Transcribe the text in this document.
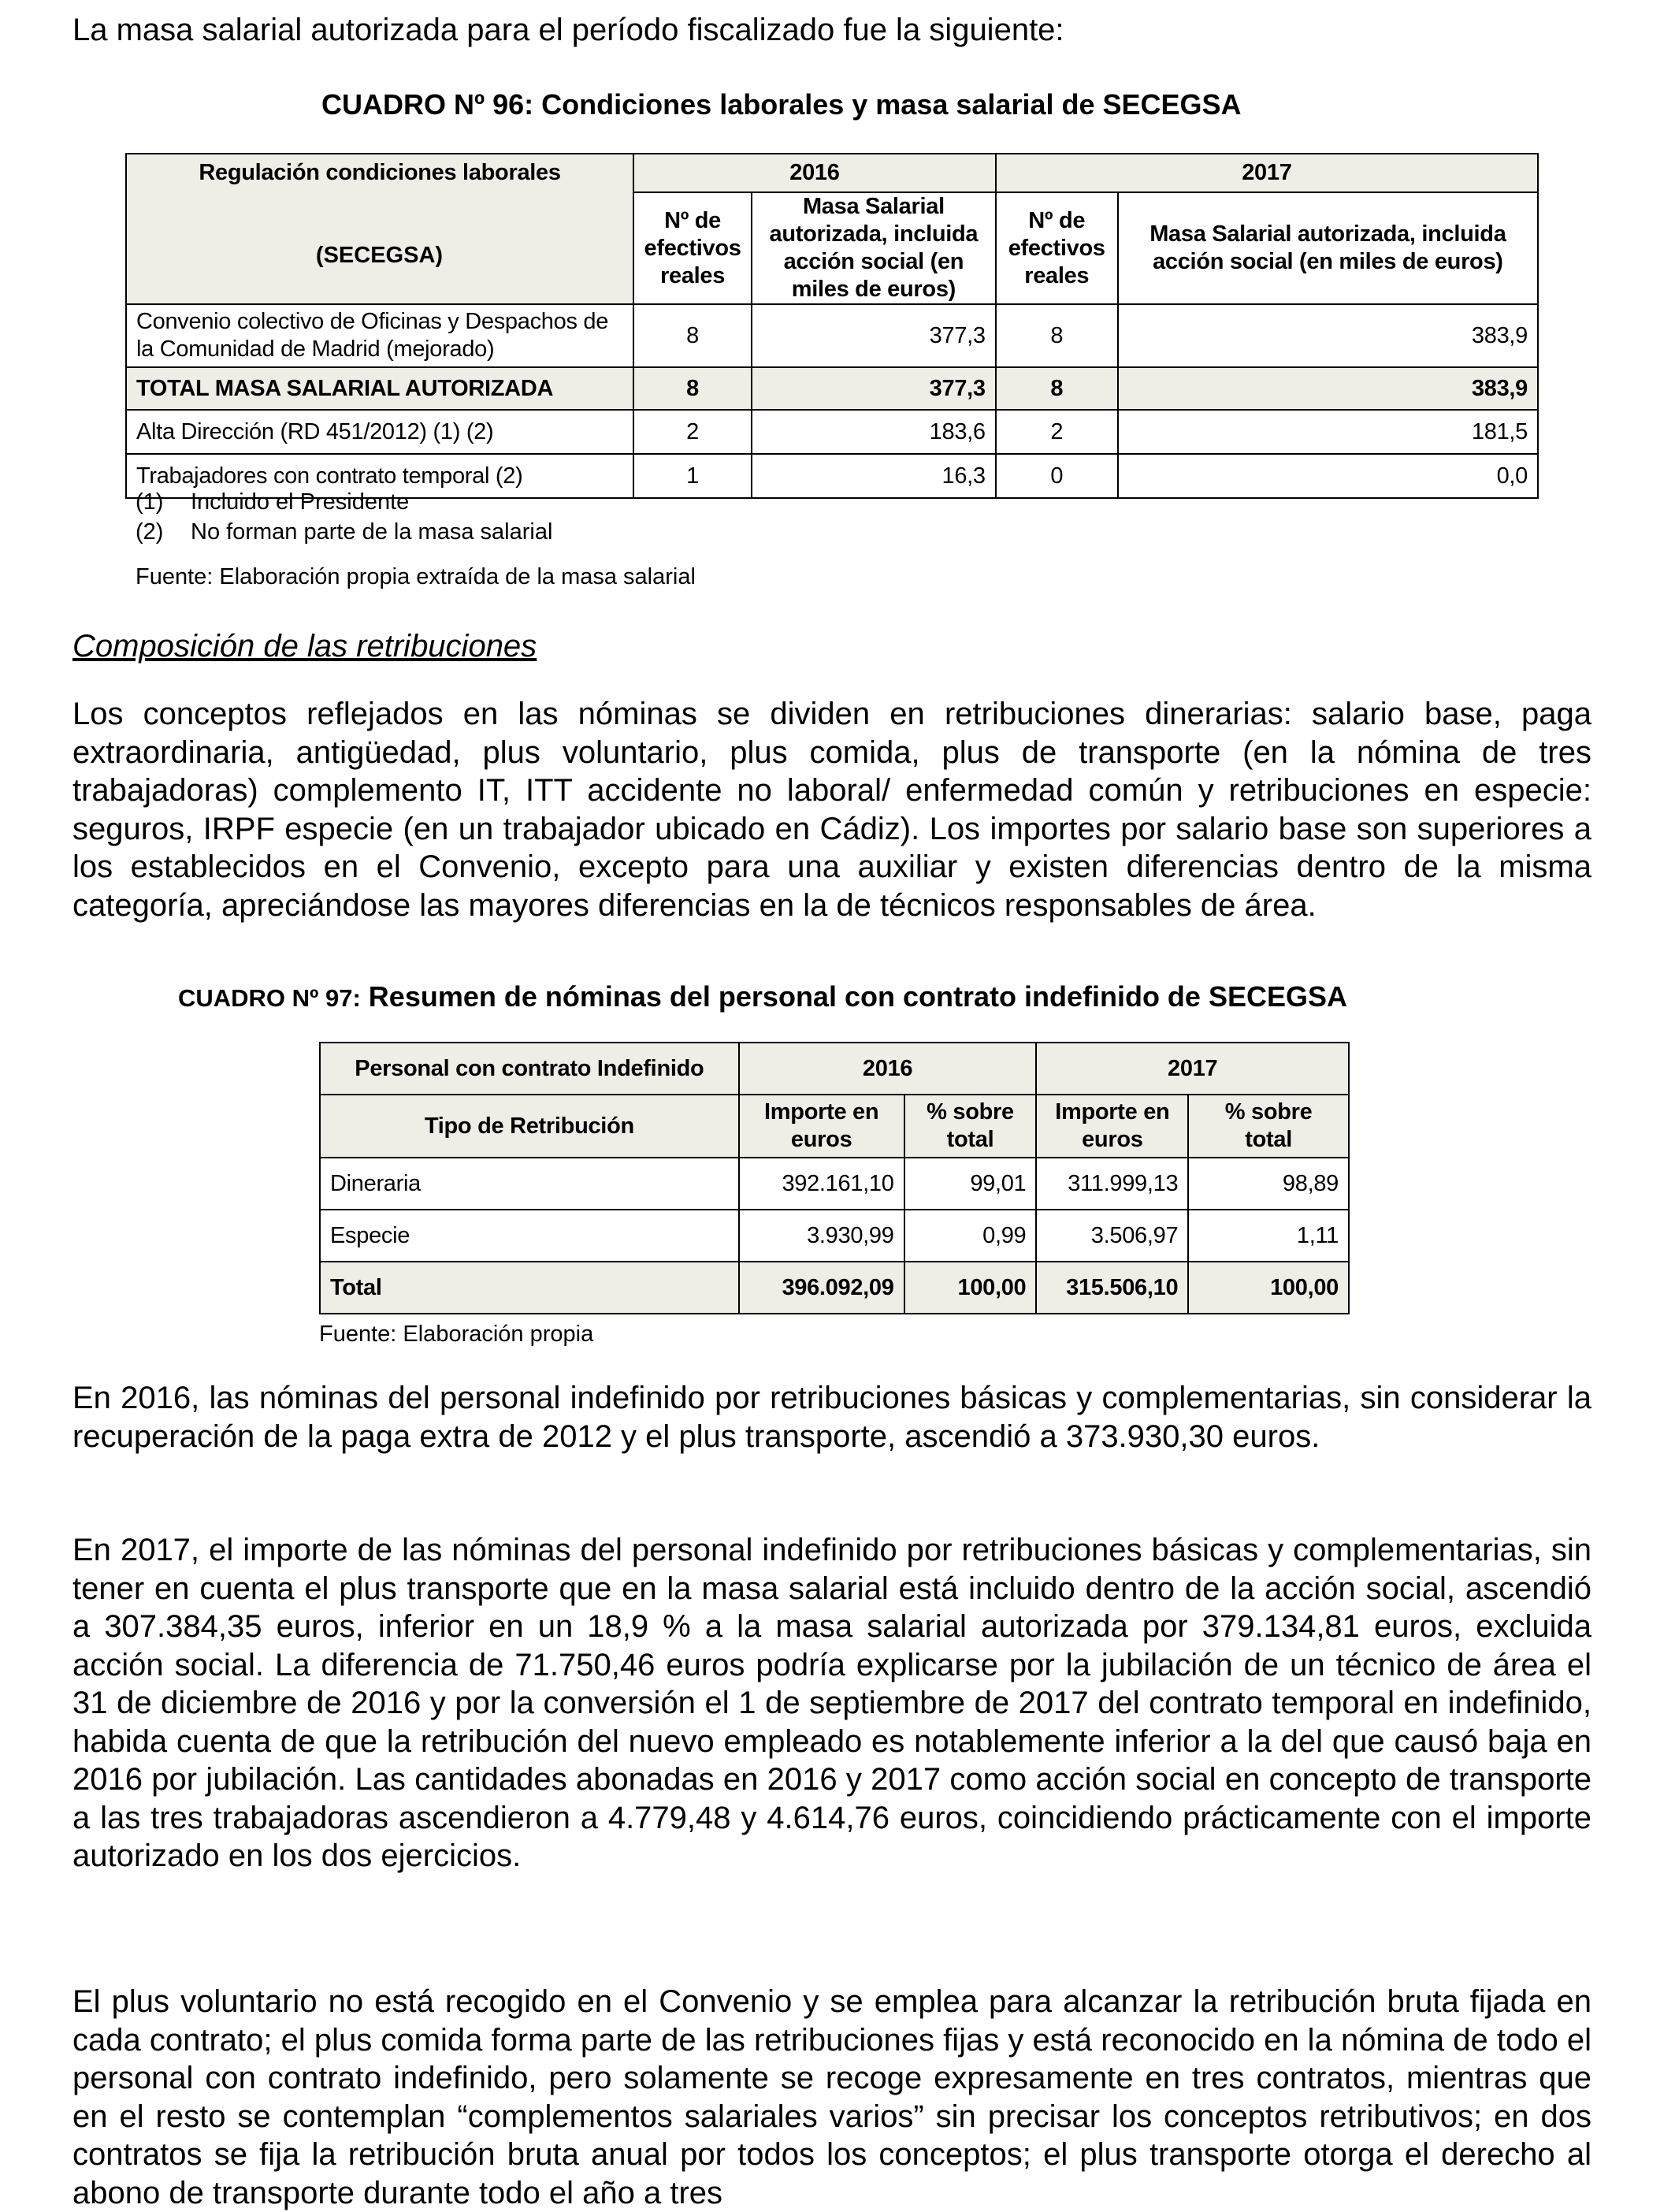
La masa salarial autorizada para el período fiscalizado fue la siguiente:

CUADRO Nº 96: Condiciones laborales y masa salarial de SECEGSA

Regulación condiciones laborales	2016		2017	
	Nº de efectivos reales	Masa Salarial autorizada, incluida acción social (en miles de euros)	Nº de efectivos reales	Masa Salarial autorizada, incluida acción social (en miles de euros)
Convenio colectivo de Oficinas y Despachos de la Comunidad de Madrid (mejorado)	8	377,3	8	383,9
TOTAL MASA SALARIAL AUTORIZADA	8	377,3	8	383,9
Alta Dirección (RD 451/2012) (1) (2)	2	183,6	2	181,5
Trabajadores con contrato temporal (2)	1	16,3	0	0,0
(SECEGSA)

(1) Incluido el Presidente

(2) No forman parte de la masa salarial

Fuente: Elaboración propia extraída de la masa salarial

Composición de las retribuciones

Los conceptos reflejados en las nóminas se dividen en retribuciones dinerarias: salario base, paga extraordinaria, antigüedad, plus voluntario, plus comida, plus de transporte (en la nómina de tres trabajadoras) complemento IT, ITT accidente no laboral/ enfermedad común y retribuciones en especie: seguros, IRPF especie (en un trabajador ubicado en Cádiz). Los importes por salario base son superiores a los establecidos en el Convenio, excepto para una auxiliar y existen diferencias dentro de la misma categoría, apreciándose las mayores diferencias en la de técnicos responsables de área.

CUADRO Nº 97: Resumen de nóminas del personal con contrato indefinido de SECEGSA

Personal con contrato Indefinido	2016		2017	
Tipo de Retribución	Importe en euros	% sobre total	Importe en euros	% sobre total
Dineraria	392.161,10	99,01	311.999,13	98,89
Especie	3.930,99	0,99	3.506,97	1,11
Total	396.092,09	100,00	315.506,10	100,00

Fuente: Elaboración propia

En 2016, las nóminas del personal indefinido por retribuciones básicas y complementarias, sin considerar la recuperación de la paga extra de 2012 y el plus transporte, ascendió a 373.930,30 euros.

En 2017, el importe de las nóminas del personal indefinido por retribuciones básicas y complementarias, sin tener en cuenta el plus transporte que en la masa salarial está incluido dentro de la acción social, ascendió a 307.384,35 euros, inferior en un 18,9 % a la masa salarial autorizada por 379.134,81 euros, excluida acción social. La diferencia de 71.750,46 euros podría explicarse por la jubilación de un técnico de área el 31 de diciembre de 2016 y por la conversión el 1 de septiembre de 2017 del contrato temporal en indefinido, habida cuenta de que la retribución del nuevo empleado es notablemente inferior a la del que causó baja en 2016 por jubilación. Las cantidades abonadas en 2016 y 2017 como acción social en concepto de transporte a las tres trabajadoras ascendieron a 4.779,48 y 4.614,76 euros, coincidiendo prácticamente con el importe autorizado en los dos ejercicios.

El plus voluntario no está recogido en el Convenio y se emplea para alcanzar la retribución bruta fijada en cada contrato; el plus comida forma parte de las retribuciones fijas y está reconocido en la nómina de todo el personal con contrato indefinido, pero solamente se recoge expresamente en tres contratos, mientras que en el resto se contemplan “complementos salariales varios” sin precisar los conceptos retributivos; en dos contratos se fija la retribución bruta anual por todos los conceptos; el plus transporte otorga el derecho al abono de transporte durante todo el año a tres
